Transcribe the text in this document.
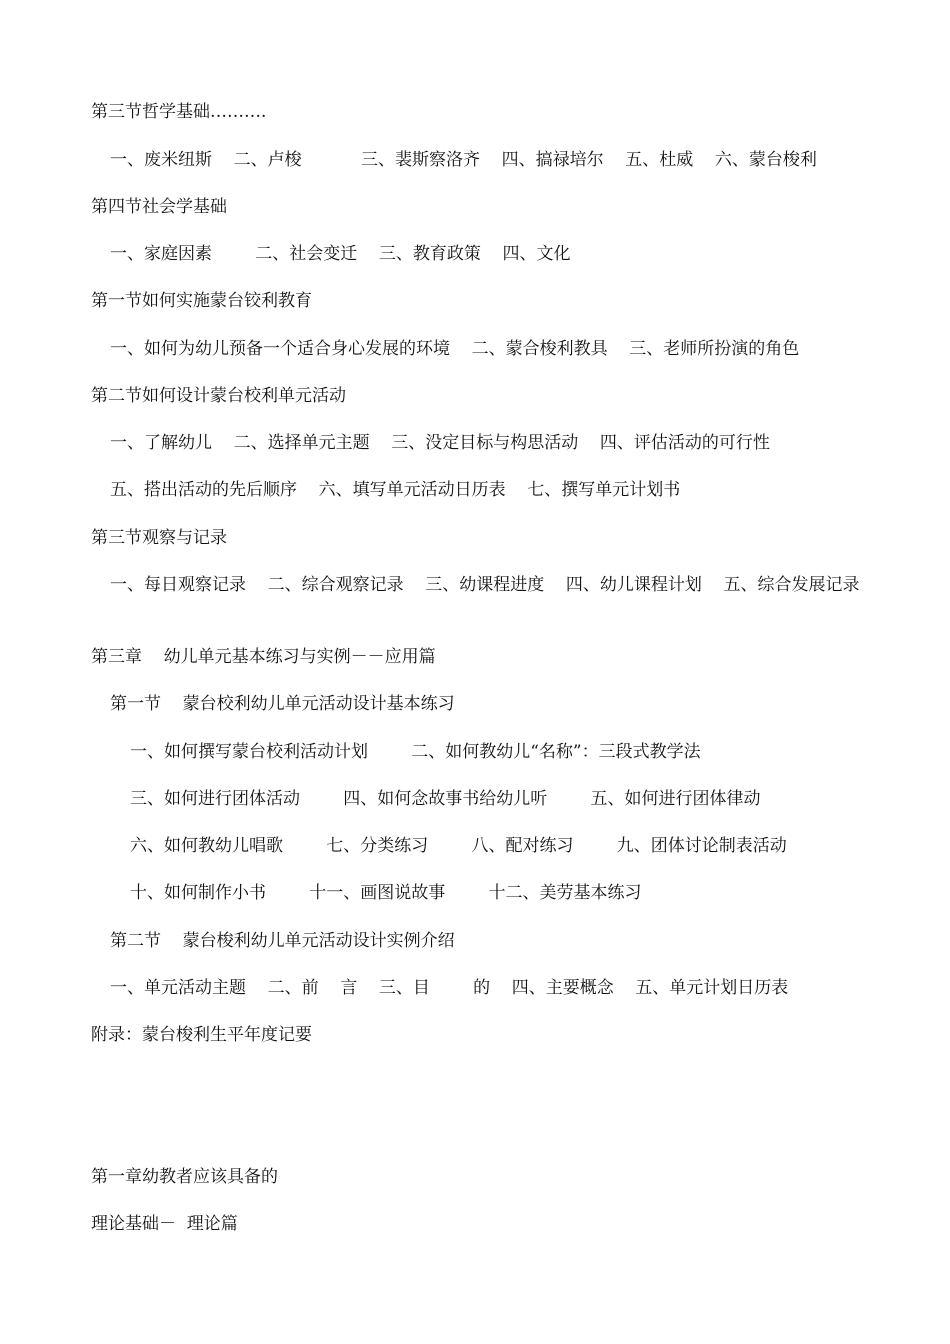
第三节哲学基础……….
一、废米纽斯    二、卢梭           三、裴斯察洛齐    四、搞禄培尔    五、杜威    六、蒙台梭利
第四节社会学基础
一、家庭因素        二、社会变迁    三、教育政策    四、文化
第一节如何实施蒙台铰利教育
一、如何为幼儿预备一个适合身心发展的环境    二、蒙合梭利教具    三、老师所扮演的角色
第二节如何设计蒙台校利单元活动
一、了解幼儿    二、选择单元主题    三、没定目标与构思活动    四、评估活动的可行性
五、搭出活动的先后顺序    六、填写单元活动日历表    七、撰写单元计划书
第三节观察与记录
一、每日观察记录    二、综合观察记录    三、幼课程进度    四、幼儿课程计划    五、综合发展记录
第三章    幼儿单元基本练习与实例－－应用篇
第一节    蒙台校利幼儿单元活动设计基本练习
一、如何撰写蒙台校利活动计划        二、如何教幼儿“名称”：三段式教学法
三、如何进行团体活动        四、如何念故事书给幼儿听        五、如何进行团体律动
六、如何教幼儿唱歌        七、分类练习        八、配对练习        九、团体讨论制表活动
十、如何制作小书        十一、画图说故事        十二、美劳基本练习
第二节    蒙台梭利幼儿单元活动设计实例介绍
一、单元活动主题    二、前    言    三、目        的    四、主要概念    五、单元计划日历表
附录：蒙台梭利生平年度记要
第一章幼教者应该具备的
理论基础－  理论篇
